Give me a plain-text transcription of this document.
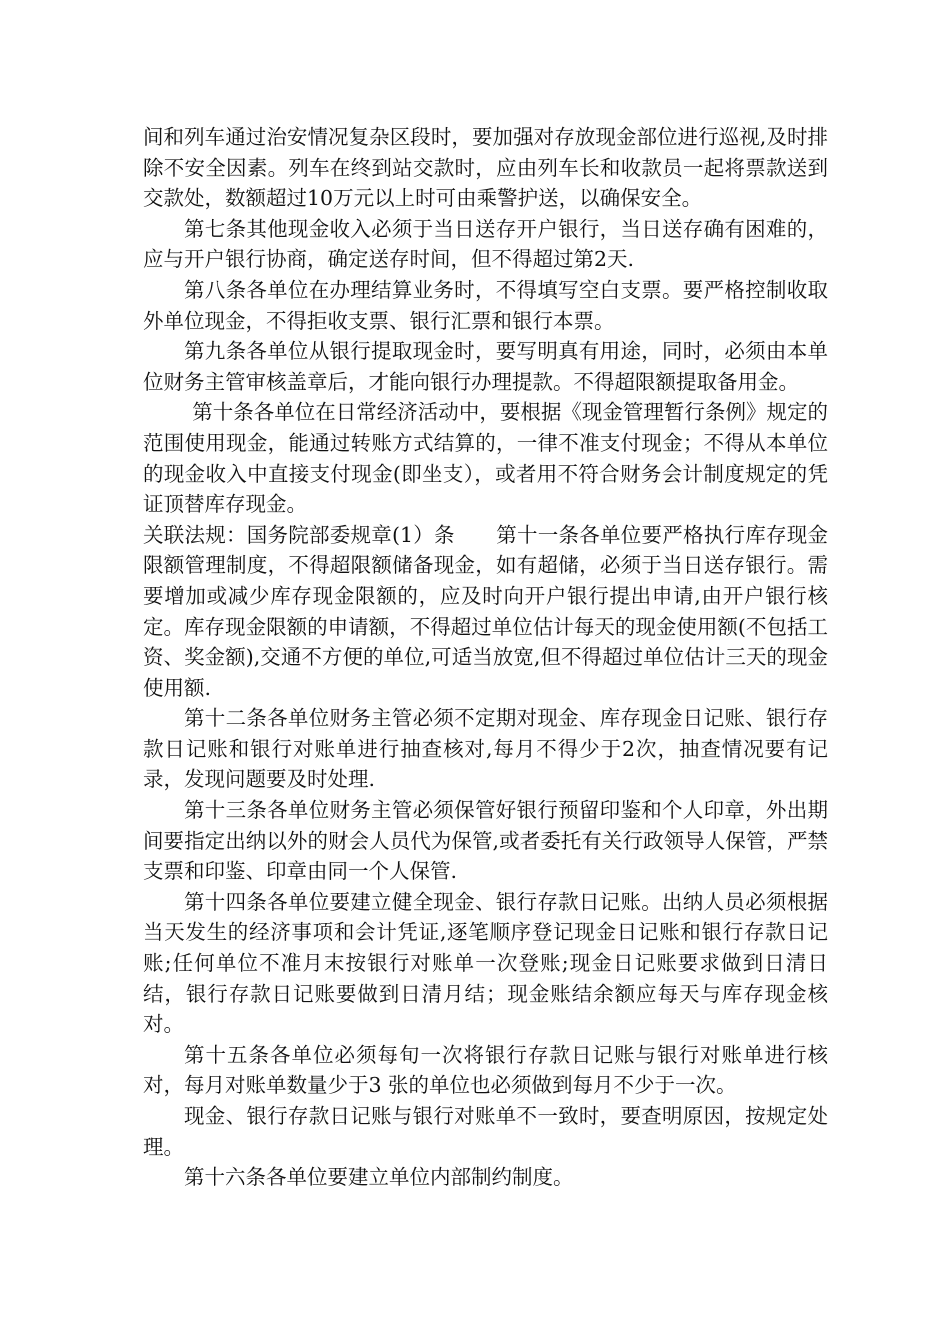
间和列车通过治安情况复杂区段时，要加强对存放现金部位进行巡视,及时排除不安全因素。列车在终到站交款时，应由列车长和收款员一起将票款送到交款处，数额超过10万元以上时可由乘警护送，以确保安全。

第七条其他现金收入必须于当日送存开户银行，当日送存确有困难的，应与开户银行协商，确定送存时间，但不得超过第2天.

第八条各单位在办理结算业务时，不得填写空白支票。要严格控制收取外单位现金，不得拒收支票、银行汇票和银行本票。

第九条各单位从银行提取现金时，要写明真有用途，同时，必须由本单位财务主管审核盖章后，才能向银行办理提款。不得超限额提取备用金。

第十条各单位在日常经济活动中，要根据《现金管理暂行条例》规定的范围使用现金，能通过转账方式结算的，一律不准支付现金；不得从本单位的现金收入中直接支付现金(即坐支），或者用不符合财务会计制度规定的凭证顶替库存现金。

关联法规：国务院部委规章(1）条　　第十一条各单位要严格执行库存现金限额管理制度，不得超限额储备现金，如有超储，必须于当日送存银行。需要增加或减少库存现金限额的，应及时向开户银行提出申请,由开户银行核定。库存现金限额的申请额，不得超过单位估计每天的现金使用额(不包括工资、奖金额),交通不方便的单位,可适当放宽,但不得超过单位估计三天的现金使用额.

第十二条各单位财务主管必须不定期对现金、库存现金日记账、银行存款日记账和银行对账单进行抽查核对,每月不得少于2次，抽查情况要有记录，发现问题要及时处理.

第十三条各单位财务主管必须保管好银行预留印鉴和个人印章，外出期间要指定出纳以外的财会人员代为保管,或者委托有关行政领导人保管，严禁支票和印鉴、印章由同一个人保管.

第十四条各单位要建立健全现金、银行存款日记账。出纳人员必须根据当天发生的经济事项和会计凭证,逐笔顺序登记现金日记账和银行存款日记账;任何单位不准月末按银行对账单一次登账;现金日记账要求做到日清日结，银行存款日记账要做到日清月结；现金账结余额应每天与库存现金核对。

第十五条各单位必须每旬一次将银行存款日记账与银行对账单进行核对，每月对账单数量少于3 张的单位也必须做到每月不少于一次。

现金、银行存款日记账与银行对账单不一致时，要查明原因，按规定处理。

第十六条各单位要建立单位内部制约制度。
